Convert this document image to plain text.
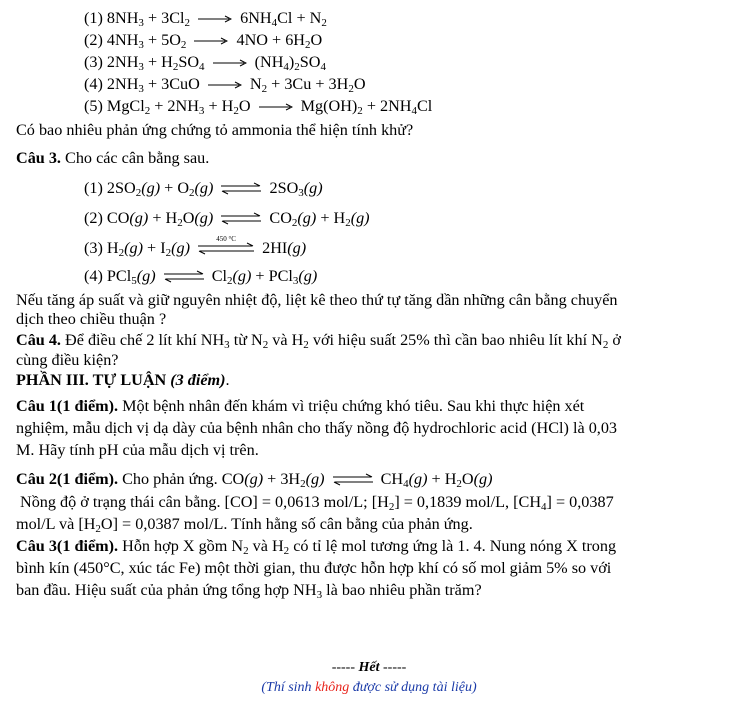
(1) $8NH_3 + 3Cl_2$	$6NH_4Cl + N_2$
(2) $4NH_3 + 5O_2$	$4NO + 6H_2O$
(3) $2NH_3 + H_2SO_4$	$(NH_4)_2SO_4$
(4) $2NH_3 + 3CuO$	$N_2 + 3Cu + 3H_2O$
(5) MgCl$_2$ + $2NH_3 + H_2O$	$Mg(OH)_2 + 2NH_4Cl$
Có bao nhiêu phản ứng chứng tỏ ammonia thể hiện tính khử?
Câu 3. Cho các cân bằng sau.
(1) $2SO_2(g) + O_2(g)$ ⇌ $2SO_3(g)$
(2) $CO(g) + H_2O(g)$ ⇌ $CO_2(g) + H_2(g)$
(3) $H_2(g) + I_2(g)$	450 °C	2HI(g)
(4) PCl$_5$(g) ⇌ $Cl_2(g) + PCl_3(g)$
Nếu tăng áp suất và giữ nguyên nhiệt độ, liệt kê theo thứ tự tăng dần những cân bằng chuyển
dịch theo chiều thuận ?
Câu 4. Để điều chế 2 lít khí $NH_3$ từ $N_2$ và $H_2$ với hiệu suất 25% thì cần bao nhiêu lít khí $N_2$ ở
cùng điều kiện?
PHẦN III. TỰ LUẬN (3 điểm).
Câu 1(1 điểm). Một bệnh nhân đến khám vì triệu chứng khó tiêu. Sau khi thực hiện xét
nghiệm, mẫu dịch vị dạ dày của bệnh nhân cho thấy nồng độ hydrochloric acid (HCl) là 0,03
M. Hãy tính pH của mẫu dịch vị trên.
Câu 2(1 điểm). Cho phản ứng. $CO(g) + 3H_2(g)$ ⇌ $CH_4(g) + H_2O(g)$
Nồng độ ở trạng thái cân bằng. [CO] = 0,0613 mol/L; $[H_2] = 0,1839$ mol/L, $[CH_4] = 0,0387$
mol/L và $[H_2O] = 0,0387$ mol/L. Tính hằng số cân bằng của phản ứng.
Câu 3(1 điểm). Hỗn hợp X gồm $N_2$ và $H_2$ có tỉ lệ mol tương ứng là 1. 4. Nung nóng X trong
bình kín (450°C, xúc tác Fe) một thời gian, thu được hỗn hợp khí có số mol giảm 5% so với
ban đầu. Hiệu suất của phản ứng tổng hợp $NH_3$ là bao nhiêu phần trăm?
----- Hết -----
(Thí sinh không được sử dụng tài liệu)
